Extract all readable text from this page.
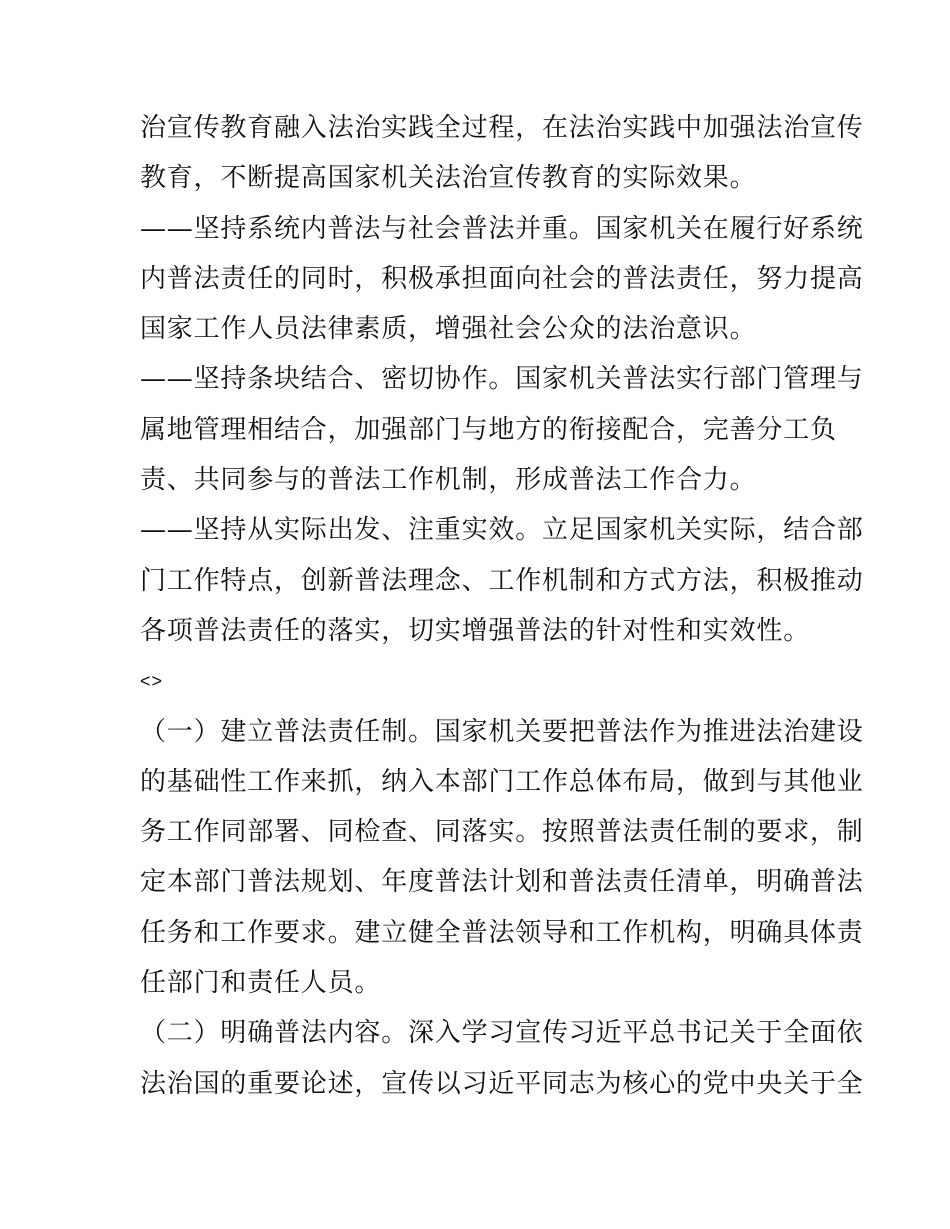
治宣传教育融入法治实践全过程，在法治实践中加强法治宣传
教育，不断提高国家机关法治宣传教育的实际效果。
——坚持系统内普法与社会普法并重。国家机关在履行好系统
内普法责任的同时，积极承担面向社会的普法责任，努力提高
国家工作人员法律素质，增强社会公众的法治意识。
——坚持条块结合、密切协作。国家机关普法实行部门管理与
属地管理相结合，加强部门与地方的衔接配合，完善分工负
责、共同参与的普法工作机制，形成普法工作合力。
——坚持从实际出发、注重实效。立足国家机关实际，结合部
门工作特点，创新普法理念、工作机制和方式方法，积极推动
各项普法责任的落实，切实增强普法的针对性和实效性。
<>
（一）建立普法责任制。国家机关要把普法作为推进法治建设
的基础性工作来抓，纳入本部门工作总体布局，做到与其他业
务工作同部署、同检查、同落实。按照普法责任制的要求，制
定本部门普法规划、年度普法计划和普法责任清单，明确普法
任务和工作要求。建立健全普法领导和工作机构，明确具体责
任部门和责任人员。
（二）明确普法内容。深入学习宣传习近平总书记关于全面依
法治国的重要论述，宣传以习近平同志为核心的党中央关于全
